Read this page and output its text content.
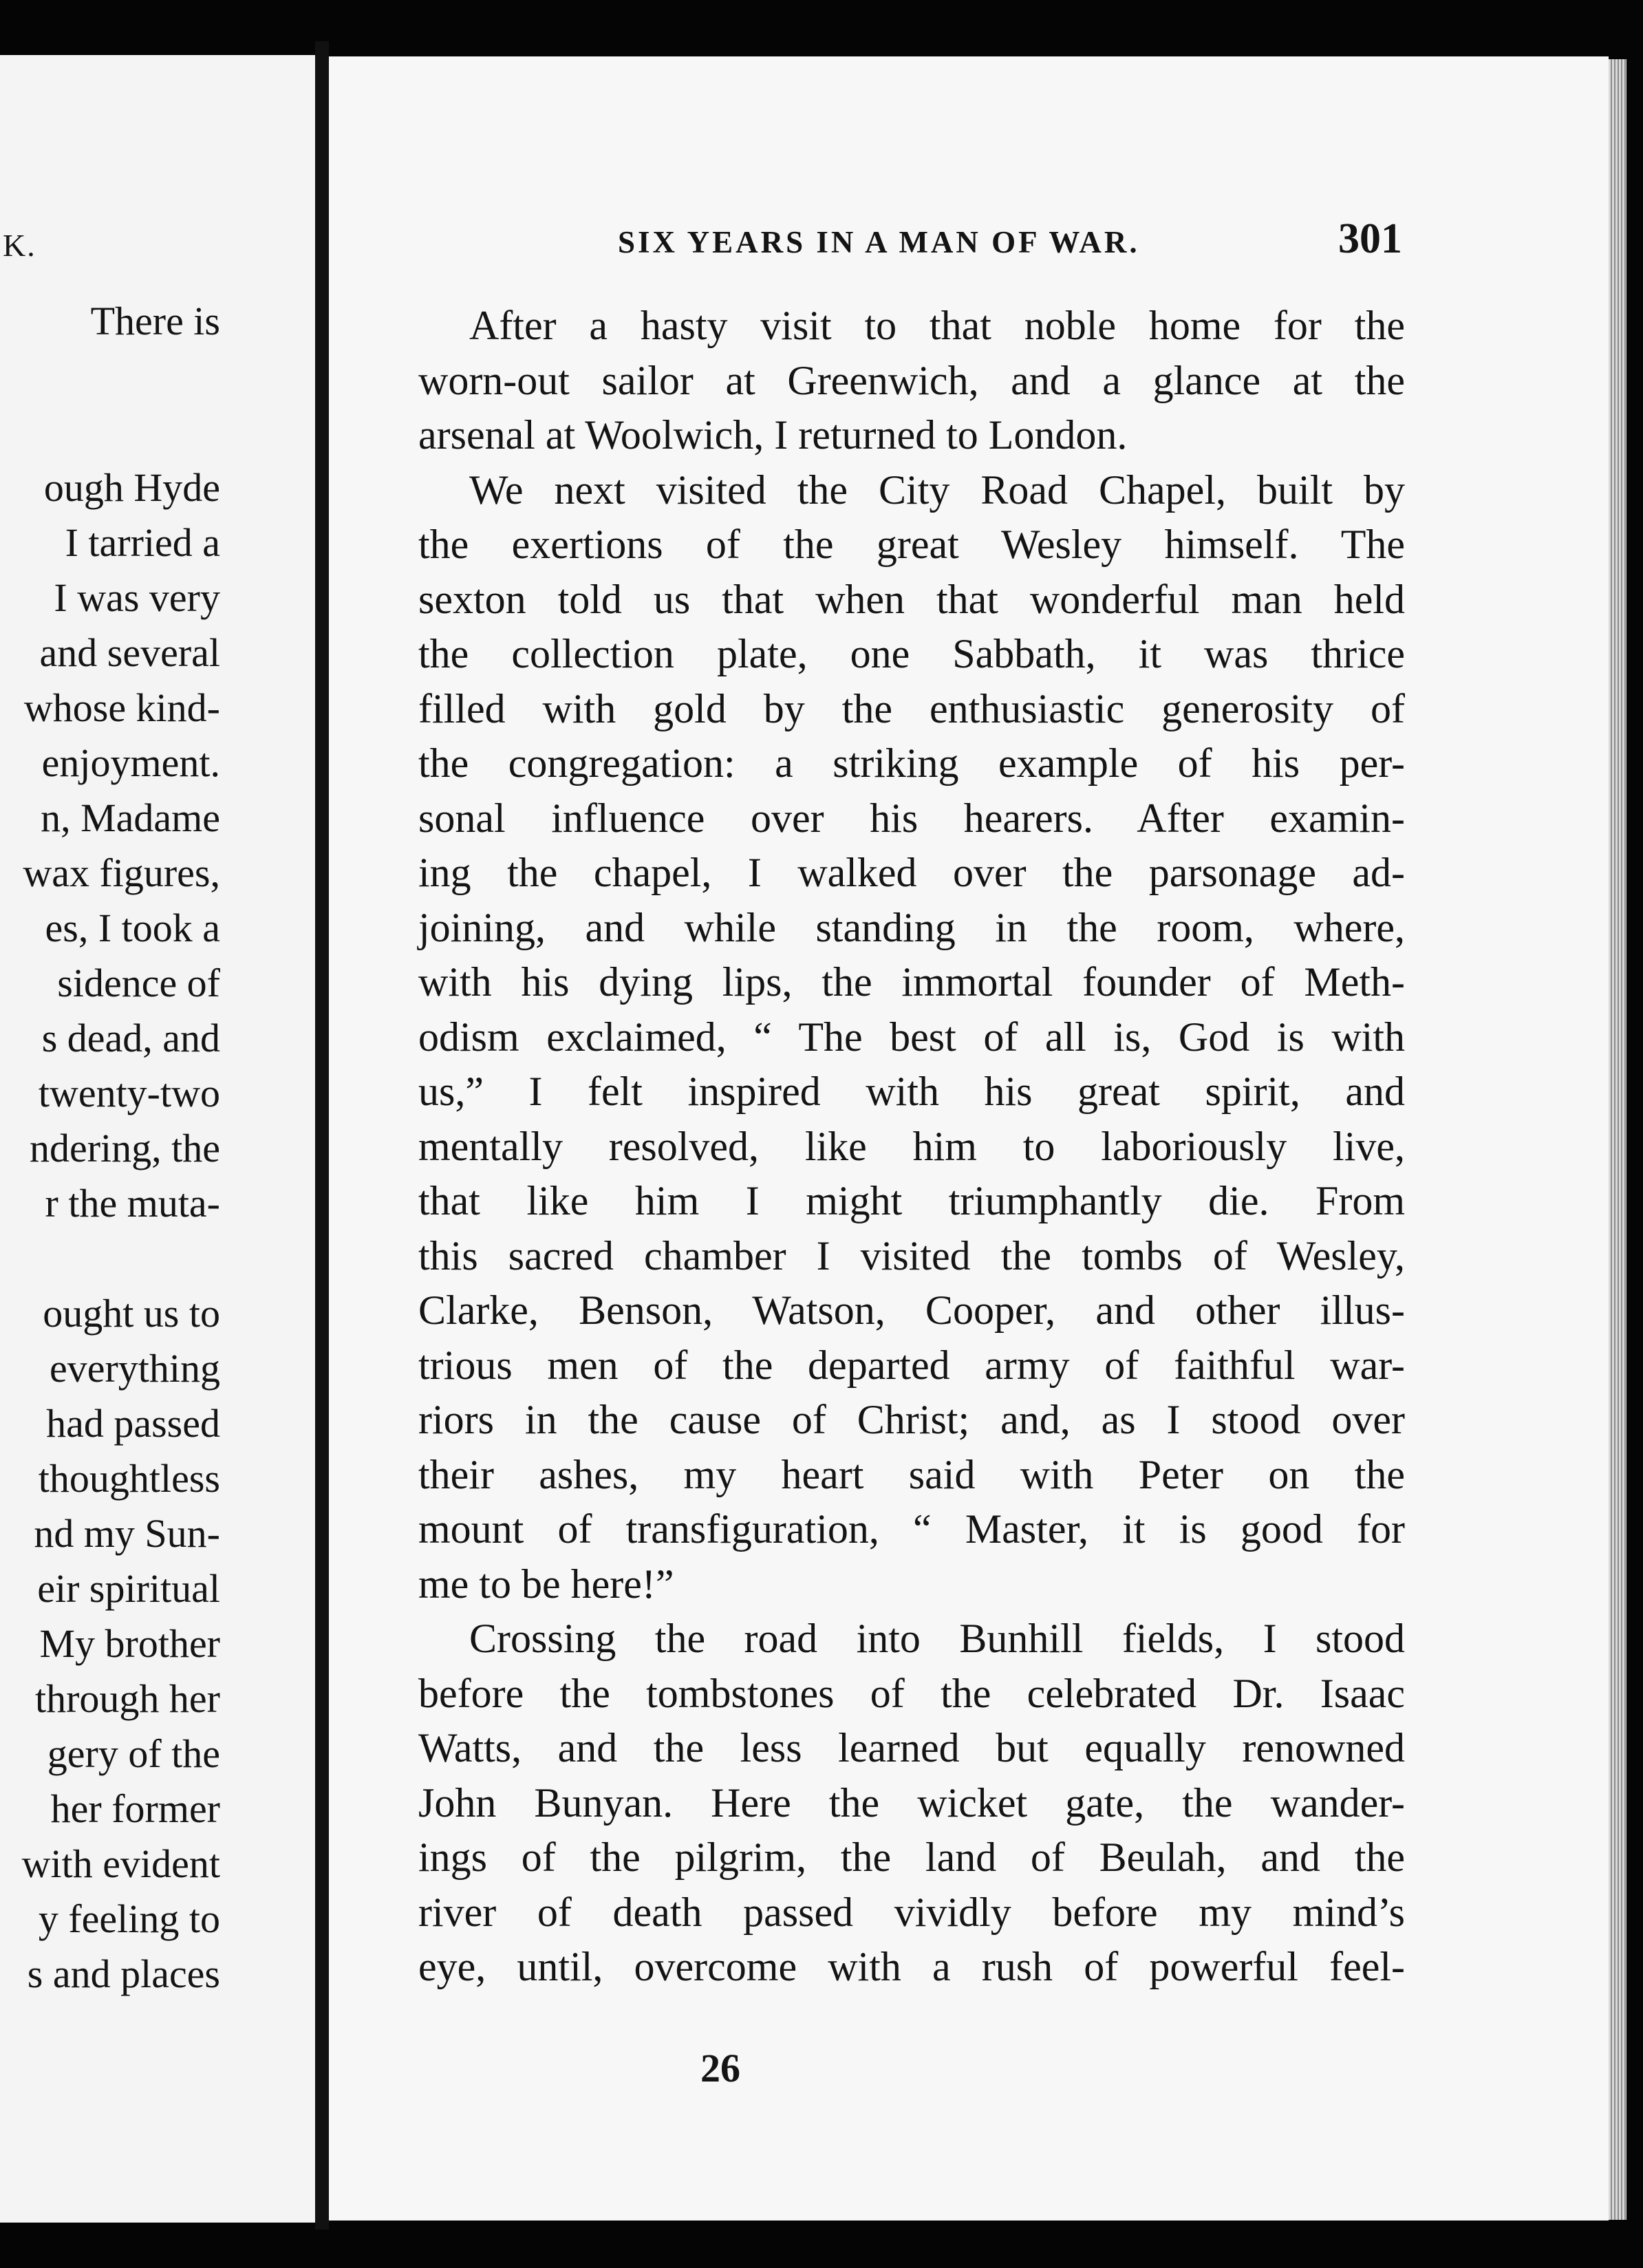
K.
There is
ough Hyde
I tarried a
I was very
and several
whose kind-
enjoyment.
n, Madame
wax figures,
es, I took a
sidence of
s dead, and
twenty-two
ndering, the
r the muta-
ought us to
everything
had passed
thoughtless
nd my Sun-
eir spiritual
My brother
through her
gery of the
her former
with evident
y feeling to
s and places
SIX YEARS IN A MAN OF WAR.	301
After a hasty visit to that noble home for the
worn-out sailor at Greenwich, and a glance at the
arsenal at Woolwich, I returned to London.
We next visited the City Road Chapel, built by
the exertions of the great Wesley himself. The
sexton told us that when that wonderful man held
the collection plate, one Sabbath, it was thrice
filled with gold by the enthusiastic generosity of
the congregation: a striking example of his per-
sonal influence over his hearers. After examin-
ing the chapel, I walked over the parsonage ad-
joining, and while standing in the room, where,
with his dying lips, the immortal founder of Meth-
odism exclaimed, “ The best of all is, God is with
us,” I felt inspired with his great spirit, and
mentally resolved, like him to laboriously live,
that like him I might triumphantly die. From
this sacred chamber I visited the tombs of Wesley,
Clarke, Benson, Watson, Cooper, and other illus-
trious men of the departed army of faithful war-
riors in the cause of Christ; and, as I stood over
their ashes, my heart said with Peter on the
mount of transfiguration, “ Master, it is good for
me to be here!”
Crossing the road into Bunhill fields, I stood
before the tombstones of the celebrated Dr. Isaac
Watts, and the less learned but equally renowned
John Bunyan. Here the wicket gate, the wander-
ings of the pilgrim, the land of Beulah, and the
river of death passed vividly before my mind’s
eye, until, overcome with a rush of powerful feel-
26
